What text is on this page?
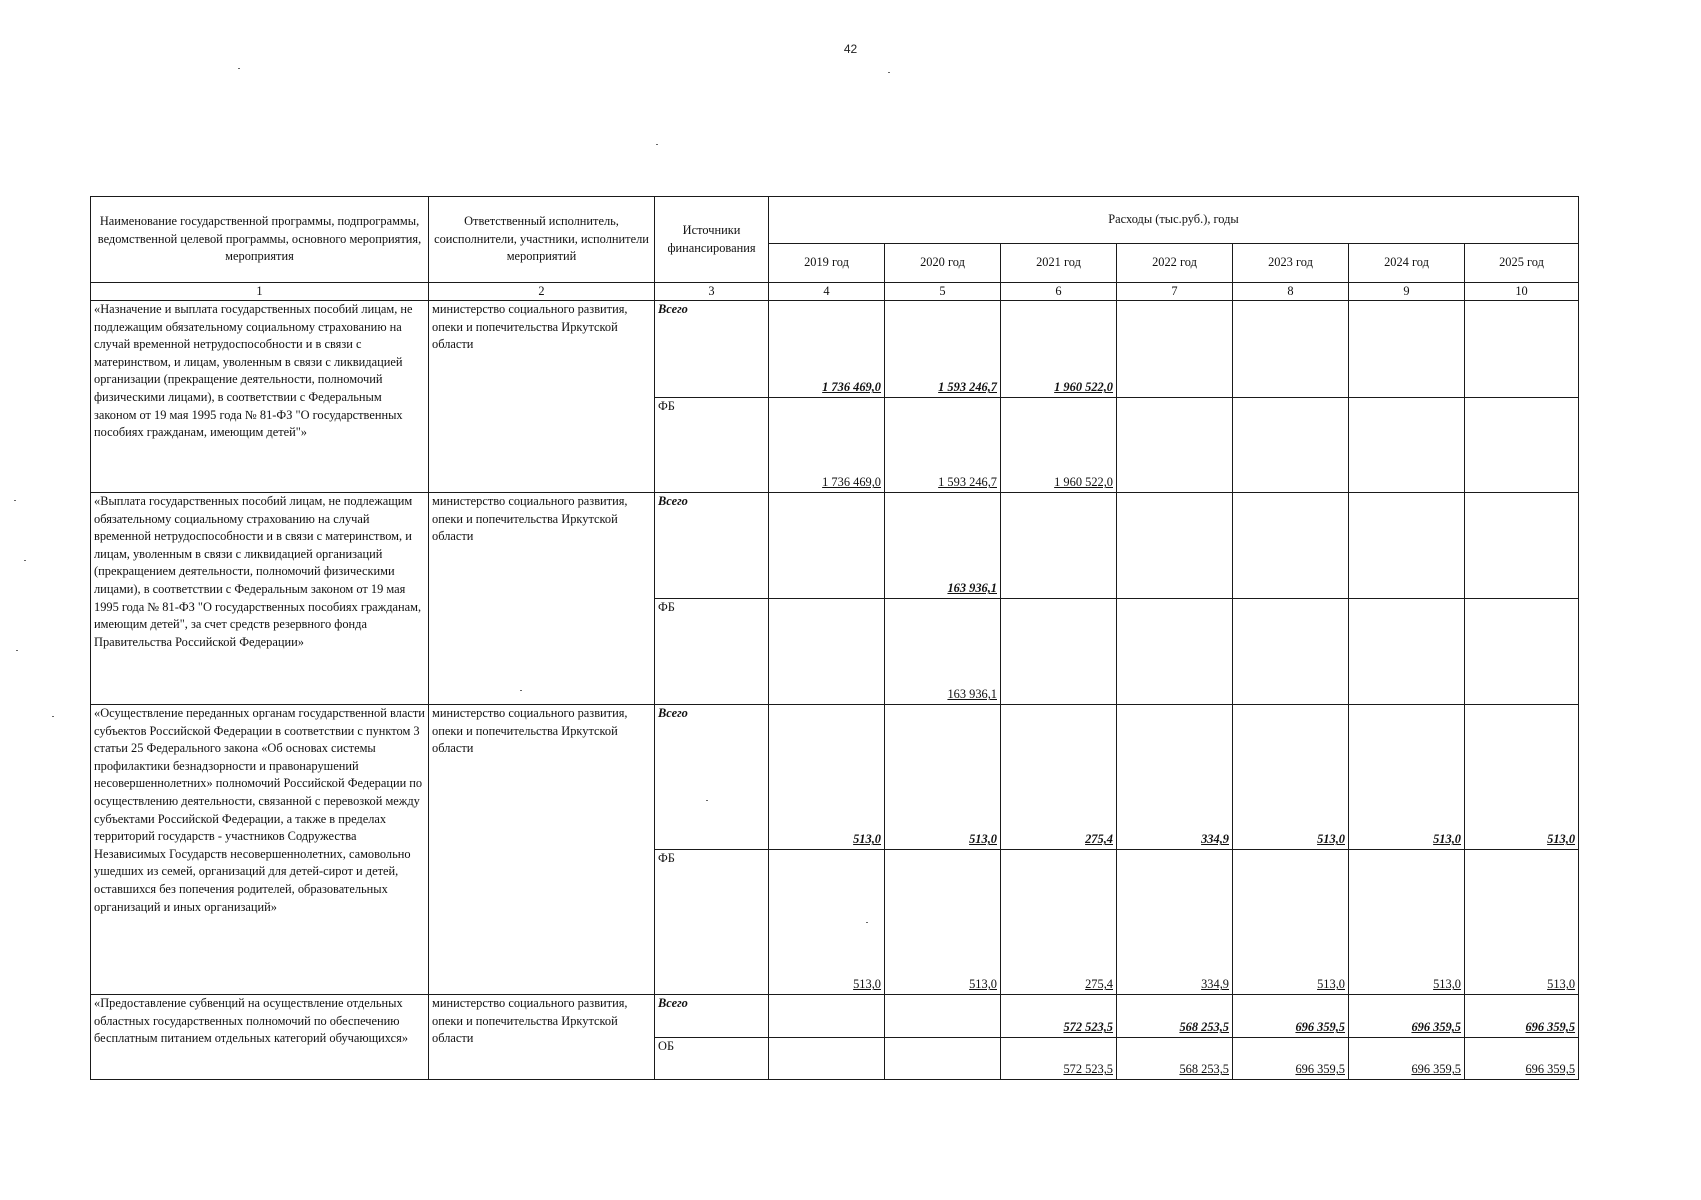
42
Наименование государственной программы, подпрограммы, ведомственной целевой программы, основного мероприятия, мероприятия	Ответственный исполнитель, соисполнители, участники, исполнители мероприятий	Источники финансирования	Расходы (тыс.руб.), годы						
			2019 год	2020 год	2021 год	2022 год	2023 год	2024 год	2025 год
1	2	3	4	5	6	7	8	9	10
«Назначение и выплата государственных пособий лицам, не подлежащим обязательному социальному страхованию на случай временной нетрудоспособности и в связи с материнством, и лицам, уволенным в связи с ликвидацией организации (прекращение деятельности, полномочий физическими лицами), в соответствии с Федеральным законом от 19 мая 1995 года № 81-ФЗ "О государственных пособиях гражданам, имеющим детей"»	министерство социального развития, опеки и попечительства Иркутской области	Всего	1 736 469,0	1 593 246,7	1 960 522,0				
		ФБ	1 736 469,0	1 593 246,7	1 960 522,0				
«Выплата государственных пособий лицам, не подлежащим обязательному социальному страхованию на случай временной нетрудоспособности и в связи с материнством, и лицам, уволенным в связи с ликвидацией организаций (прекращением деятельности, полномочий физическими лицами), в соответствии с Федеральным законом от 19 мая 1995 года № 81-ФЗ "О государственных пособиях гражданам, имеющим детей", за счет средств резервного фонда Правительства Российской Федерации»	министерство социального развития, опеки и попечительства Иркутской области	Всего		163 936,1					
		ФБ		163 936,1					
«Осуществление переданных органам государственной власти субъектов Российской Федерации в соответствии с пунктом 3 статьи 25 Федерального закона «Об основах системы профилактики безнадзорности и правонарушений несовершеннолетних» полномочий Российской Федерации по осуществлению деятельности, связанной с перевозкой между субъектами Российской Федерации, а также в пределах территорий государств - участников Содружества Независимых Государств несовершеннолетних, самовольно ушедших из семей, организаций для детей-сирот и детей, оставшихся без попечения родителей, образовательных организаций и иных организаций»	министерство социального развития, опеки и попечительства Иркутской области	Всего	513,0	513,0	275,4	334,9	513,0	513,0	513,0
		ФБ	513,0	513,0	275,4	334,9	513,0	513,0	513,0
«Предоставление субвенций на осуществление отдельных областных государственных полномочий по обеспечению бесплатным питанием отдельных категорий обучающихся»	министерство социального развития, опеки и попечительства Иркутской области	Всего			572 523,5	568 253,5	696 359,5	696 359,5	696 359,5
		ОБ			572 523,5	568 253,5	696 359,5	696 359,5	696 359,5
